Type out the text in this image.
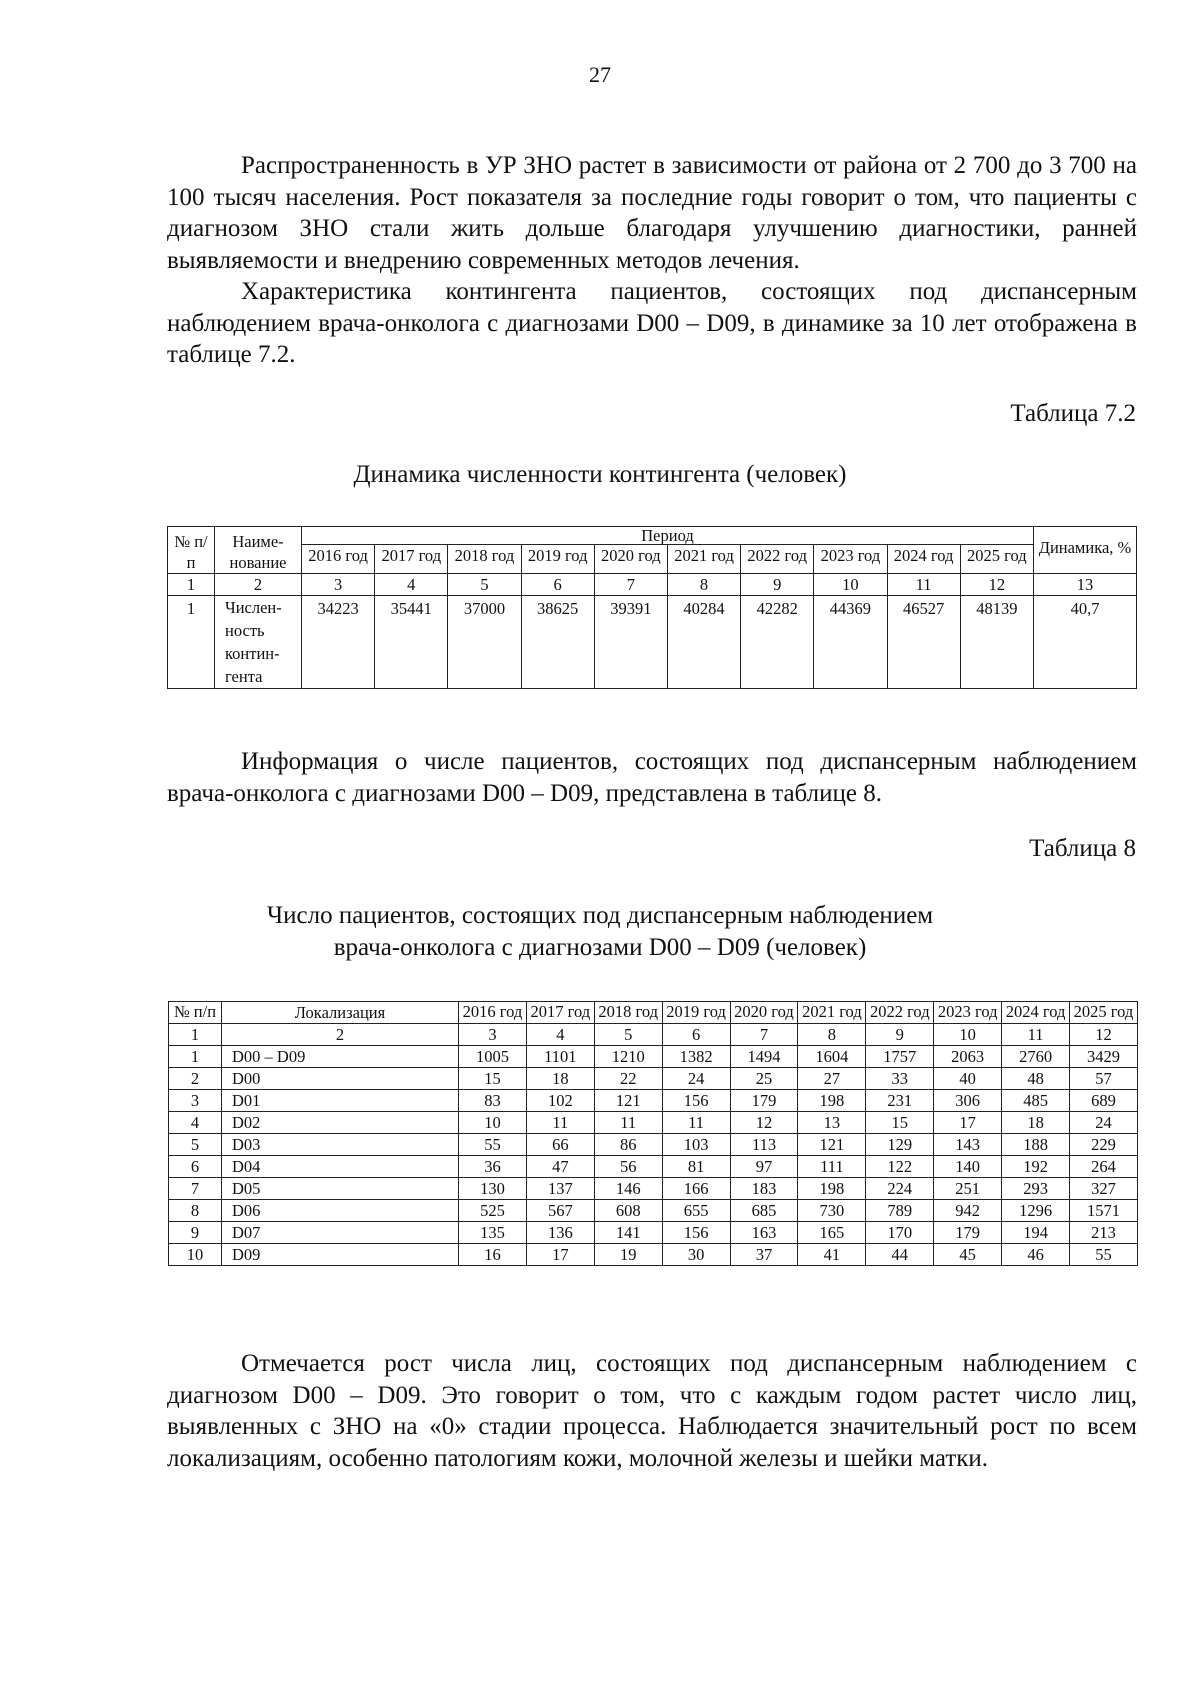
27

Распространенность в УР ЗНО растет в зависимости от района от 2 700 до 3 700 на 100 тысяч населения. Рост показателя за последние годы говорит о том, что пациенты с диагнозом ЗНО стали жить дольше благодаря улучшению диагностики, ранней выявляемости и внедрению современных методов лечения.

Характеристика контингента пациентов, состоящих под диспансерным наблюдением врача-онколога с диагнозами D00 – D09, в динамике за 10 лет отображена в таблице 7.2.

Таблица 7.2
Динамика численности контингента (человек)
№ п/п	Наиме-нование	Период										Динамика, %
		2016 год	2017 год	2018 год	2019 год	2020 год	2021 год	2022 год	2023 год	2024 год	2025 год	
1	2	3	4	5	6	7	8	9	10	11	12	13
1	Числен-
ность
контин-
гента	34223	35441	37000	38625	39391	40284	42282	44369	46527	48139	40,7

Информация о числе пациентов, состоящих под диспансерным наблюдением врача-онколога с диагнозами D00 – D09, представлена в таблице 8.

Таблица 8
Число пациентов, состоящих под диспансерным наблюдением
врача-онколога с диагнозами D00 – D09 (человек)
№ п/п	Локализация	2016 год	2017 год	2018 год	2019 год	2020 год	2021 год	2022 год	2023 год	2024 год	2025 год
1	2	3	4	5	6	7	8	9	10	11	12
1	D00 – D09	1005	1101	1210	1382	1494	1604	1757	2063	2760	3429
2	D00	15	18	22	24	25	27	33	40	48	57
3	D01	83	102	121	156	179	198	231	306	485	689
4	D02	10	11	11	11	12	13	15	17	18	24
5	D03	55	66	86	103	113	121	129	143	188	229
6	D04	36	47	56	81	97	111	122	140	192	264
7	D05	130	137	146	166	183	198	224	251	293	327
8	D06	525	567	608	655	685	730	789	942	1296	1571
9	D07	135	136	141	156	163	165	170	179	194	213
10	D09	16	17	19	30	37	41	44	45	46	55

Отмечается рост числа лиц, состоящих под диспансерным наблюдением с диагнозом D00 – D09. Это говорит о том, что с каждым годом растет число лиц, выявленных с ЗНО на «0» стадии процесса. Наблюдается значительный рост по всем локализациям, особенно патологиям кожи, молочной железы и шейки матки.
